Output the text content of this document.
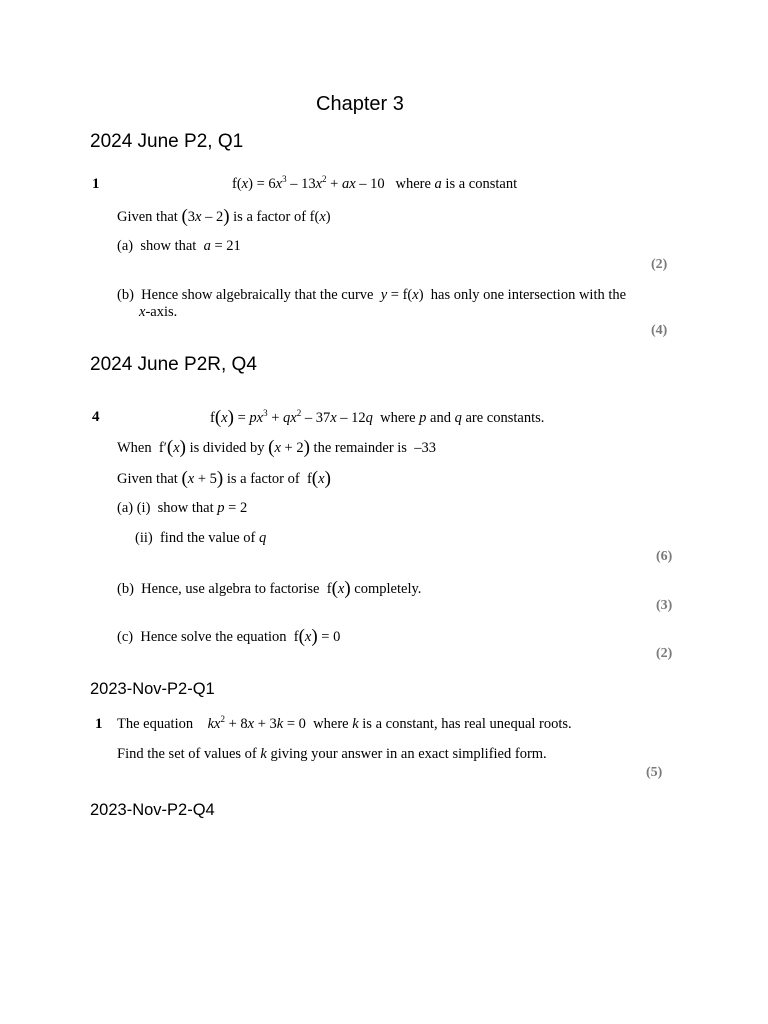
Chapter 3
2024 June P2, Q1
1	$f(x) = 6x^3 - 13x^2$ + ax – 10   where a is a constant
Given that (3x – 2) is a factor of f(x)
(a)  show that  a = 21
(2)
(b)  Hence show algebraically that the curve  y = f(x)  has only one intersection with the
x-axis.
(4)
2024 June P2R, Q4
4	$f(x) = px^3 + qx^2 - 37x - 12q$  where p and q are constants.
When  f′(x) is divided by (x + 2) the remainder is  –33
Given that (x + 5) is a factor of  f(x)
(a) (i)  show that p = 2
(ii)  find the value of q
(6)
(b)  Hence, use algebra to factorise  f(x) completely.
(3)
(c)  Hence solve the equation  f(x) = 0
(2)
2023-Nov-P2-Q1
1 The equation    $kx^2 + 8x + 3k = 0$  where k is a constant, has real unequal roots.
Find the set of values of k giving your answer in an exact simplified form.
(5)
2023-Nov-P2-Q4
